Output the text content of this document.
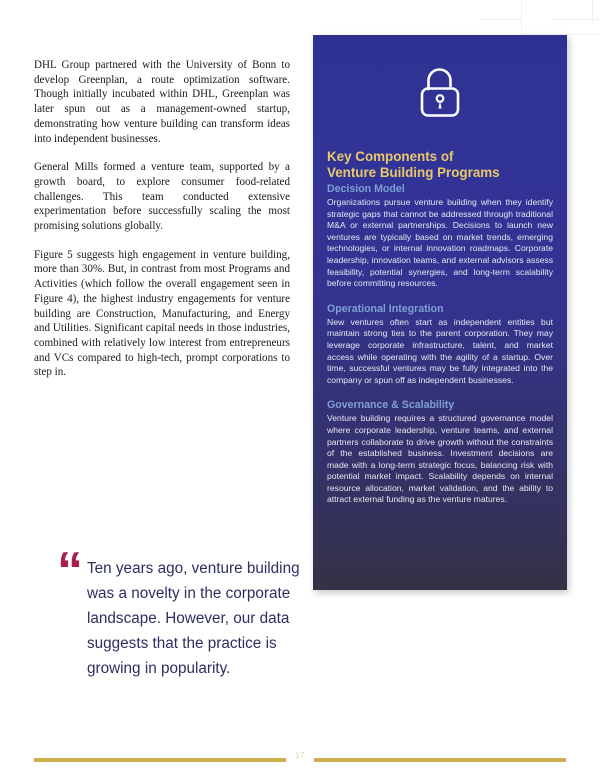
DHL Group partnered with the University of Bonn to develop Greenplan, a route optimization software. Though initially incubated within DHL, Greenplan was later spun out as a management-owned startup, demonstrating how venture building can transform ideas into independent businesses.

General Mills formed a venture team, supported by a growth board, to explore consumer food-related challenges. This team conducted extensive experimentation before successfully scaling the most promising solutions globally.

Figure 5 suggests high engagement in venture building, more than 30%. But, in contrast from most Programs and Activities (which follow the overall engagement seen in Figure 4), the highest industry engagements for venture building are Construction, Manufacturing, and Energy and Utilities. Significant capital needs in those industries, combined with relatively low interest from entrepreneurs and VCs compared to high-tech, prompt corporations to step in.

“ Ten years ago, venture building was a novelty in the corporate landscape. However, our data suggests that the practice is growing in popularity.
Key Components of
Venture Building Programs
Decision Model

Organizations pursue venture building when they identify strategic gaps that cannot be addressed through traditional M&A or external partnerships. Decisions to launch new ventures are typically based on market trends, emerging technologies, or internal innovation roadmaps. Corporate leadership, innovation teams, and external advisors assess feasibility, potential synergies, and long-term scalability before committing resources.

Operational Integration

New ventures often start as independent entities but maintain strong ties to the parent corporation. They may leverage corporate infrastructure, talent, and market access while operating with the agility of a startup. Over time, successful ventures may be fully integrated into the company or spun off as independent businesses.

Governance & Scalability

Venture building requires a structured governance model where corporate leadership, venture teams, and external partners collaborate to drive growth without the constraints of the established business. Investment decisions are made with a long-term strategic focus, balancing risk with potential market impact. Scalability depends on internal resource allocation, market validation, and the ability to attract external funding as the venture matures.

17
